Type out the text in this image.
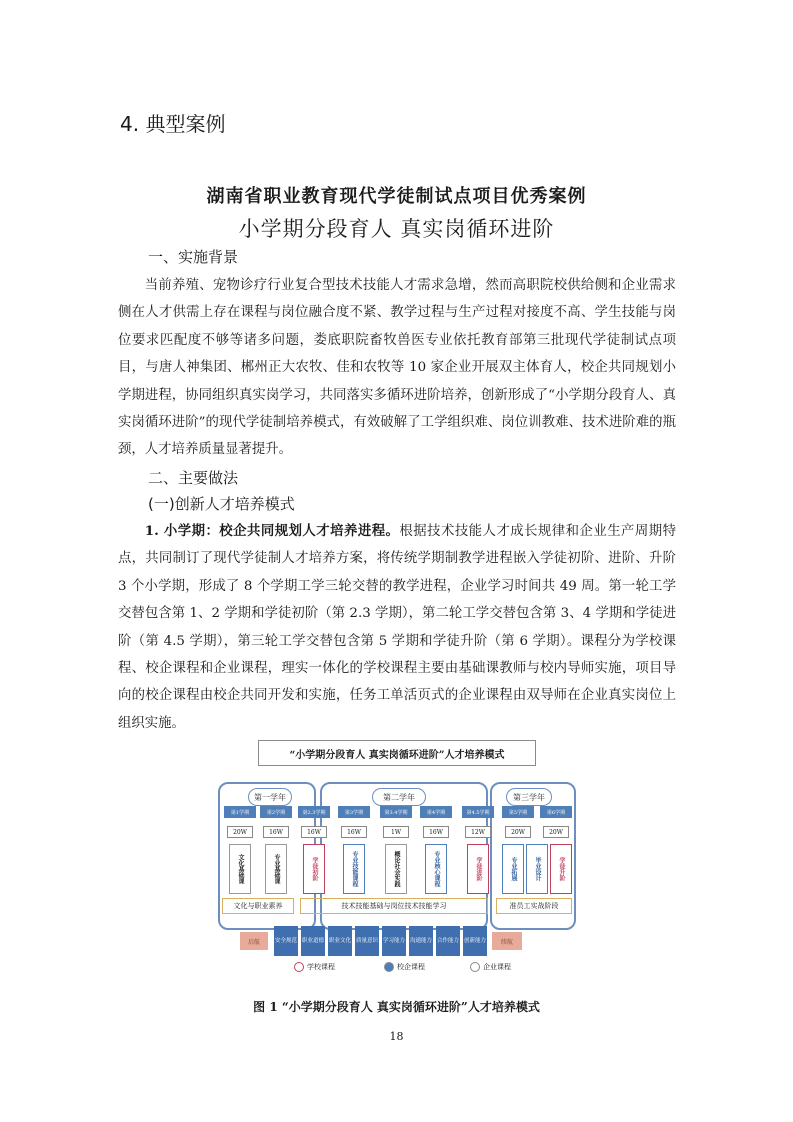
4. 典型案例
湖南省职业教育现代学徒制试点项目优秀案例
小学期分段育人 真实岗循环进阶
一、实施背景

当前养殖、宠物诊疗行业复合型技术技能人才需求急增，然而高职院校供给侧和企业需求侧在人才供需上存在课程与岗位融合度不紧、教学过程与生产过程对接度不高、学生技能与岗位要求匹配度不够等诸多问题，娄底职院畜牧兽医专业依托教育部第三批现代学徒制试点项目，与唐人神集团、郴州正大农牧、佳和农牧等 10 家企业开展双主体育人，校企共同规划小学期进程，协同组织真实岗学习，共同落实多循环进阶培养，创新形成了“小学期分段育人、真实岗循环进阶”的现代学徒制培养模式，有效破解了工学组织难、岗位训教难、技术进阶难的瓶颈，人才培养质量显著提升。

二、主要做法
(一)创新人才培养模式

1. 小学期：校企共同规划人才培养进程。根据技术技能人才成长规律和企业生产周期特点，共同制订了现代学徒制人才培养方案，将传统学期制教学进程嵌入学徒初阶、进阶、升阶 3 个小学期，形成了 8 个学期工学三轮交替的教学进程，企业学习时间共 49 周。第一轮工学交替包含第 1、2 学期和学徒初阶（第 2.3 学期），第二轮工学交替包含第 3、4 学期和学徒进阶（第 4.5 学期），第三轮工学交替包含第 5 学期和学徒升阶（第 6 学期）。课程分为学校课程、校企课程和企业课程，理实一体化的学校课程主要由基础课教师与校内导师实施，项目导向的校企课程由校企共同开发和实施，任务工单活页式的企业课程由双导师在企业真实岗位上组织实施。

“小学期分段育人 真实岗循环进阶”人才培养模式
第一学年	第二学年	第三学年
第1学期	第2学期	第2.3学期	第3学期	第3.4学期	第4学期	第4.5学期	第5学期	第6学期
20W	16W	16W	16W	1W	16W	12W	20W	20W
文化基础课	专业基础课	学徒初阶	专业技能课程	概论社会实践	专业核心课程	学徒进阶	专业拓展	毕业设计	学徒升阶
文化与职业素养	技术技能基础与岗位技术技能学习	准员工实战阶段
启航	安全规范 职业道德 职业文化 质量意识 学习能力 沟通能力 合作能力 创新能力	续航
学校课程	校企课程	企业课程
图 1 “小学期分段育人 真实岗循环进阶”人才培养模式
18
